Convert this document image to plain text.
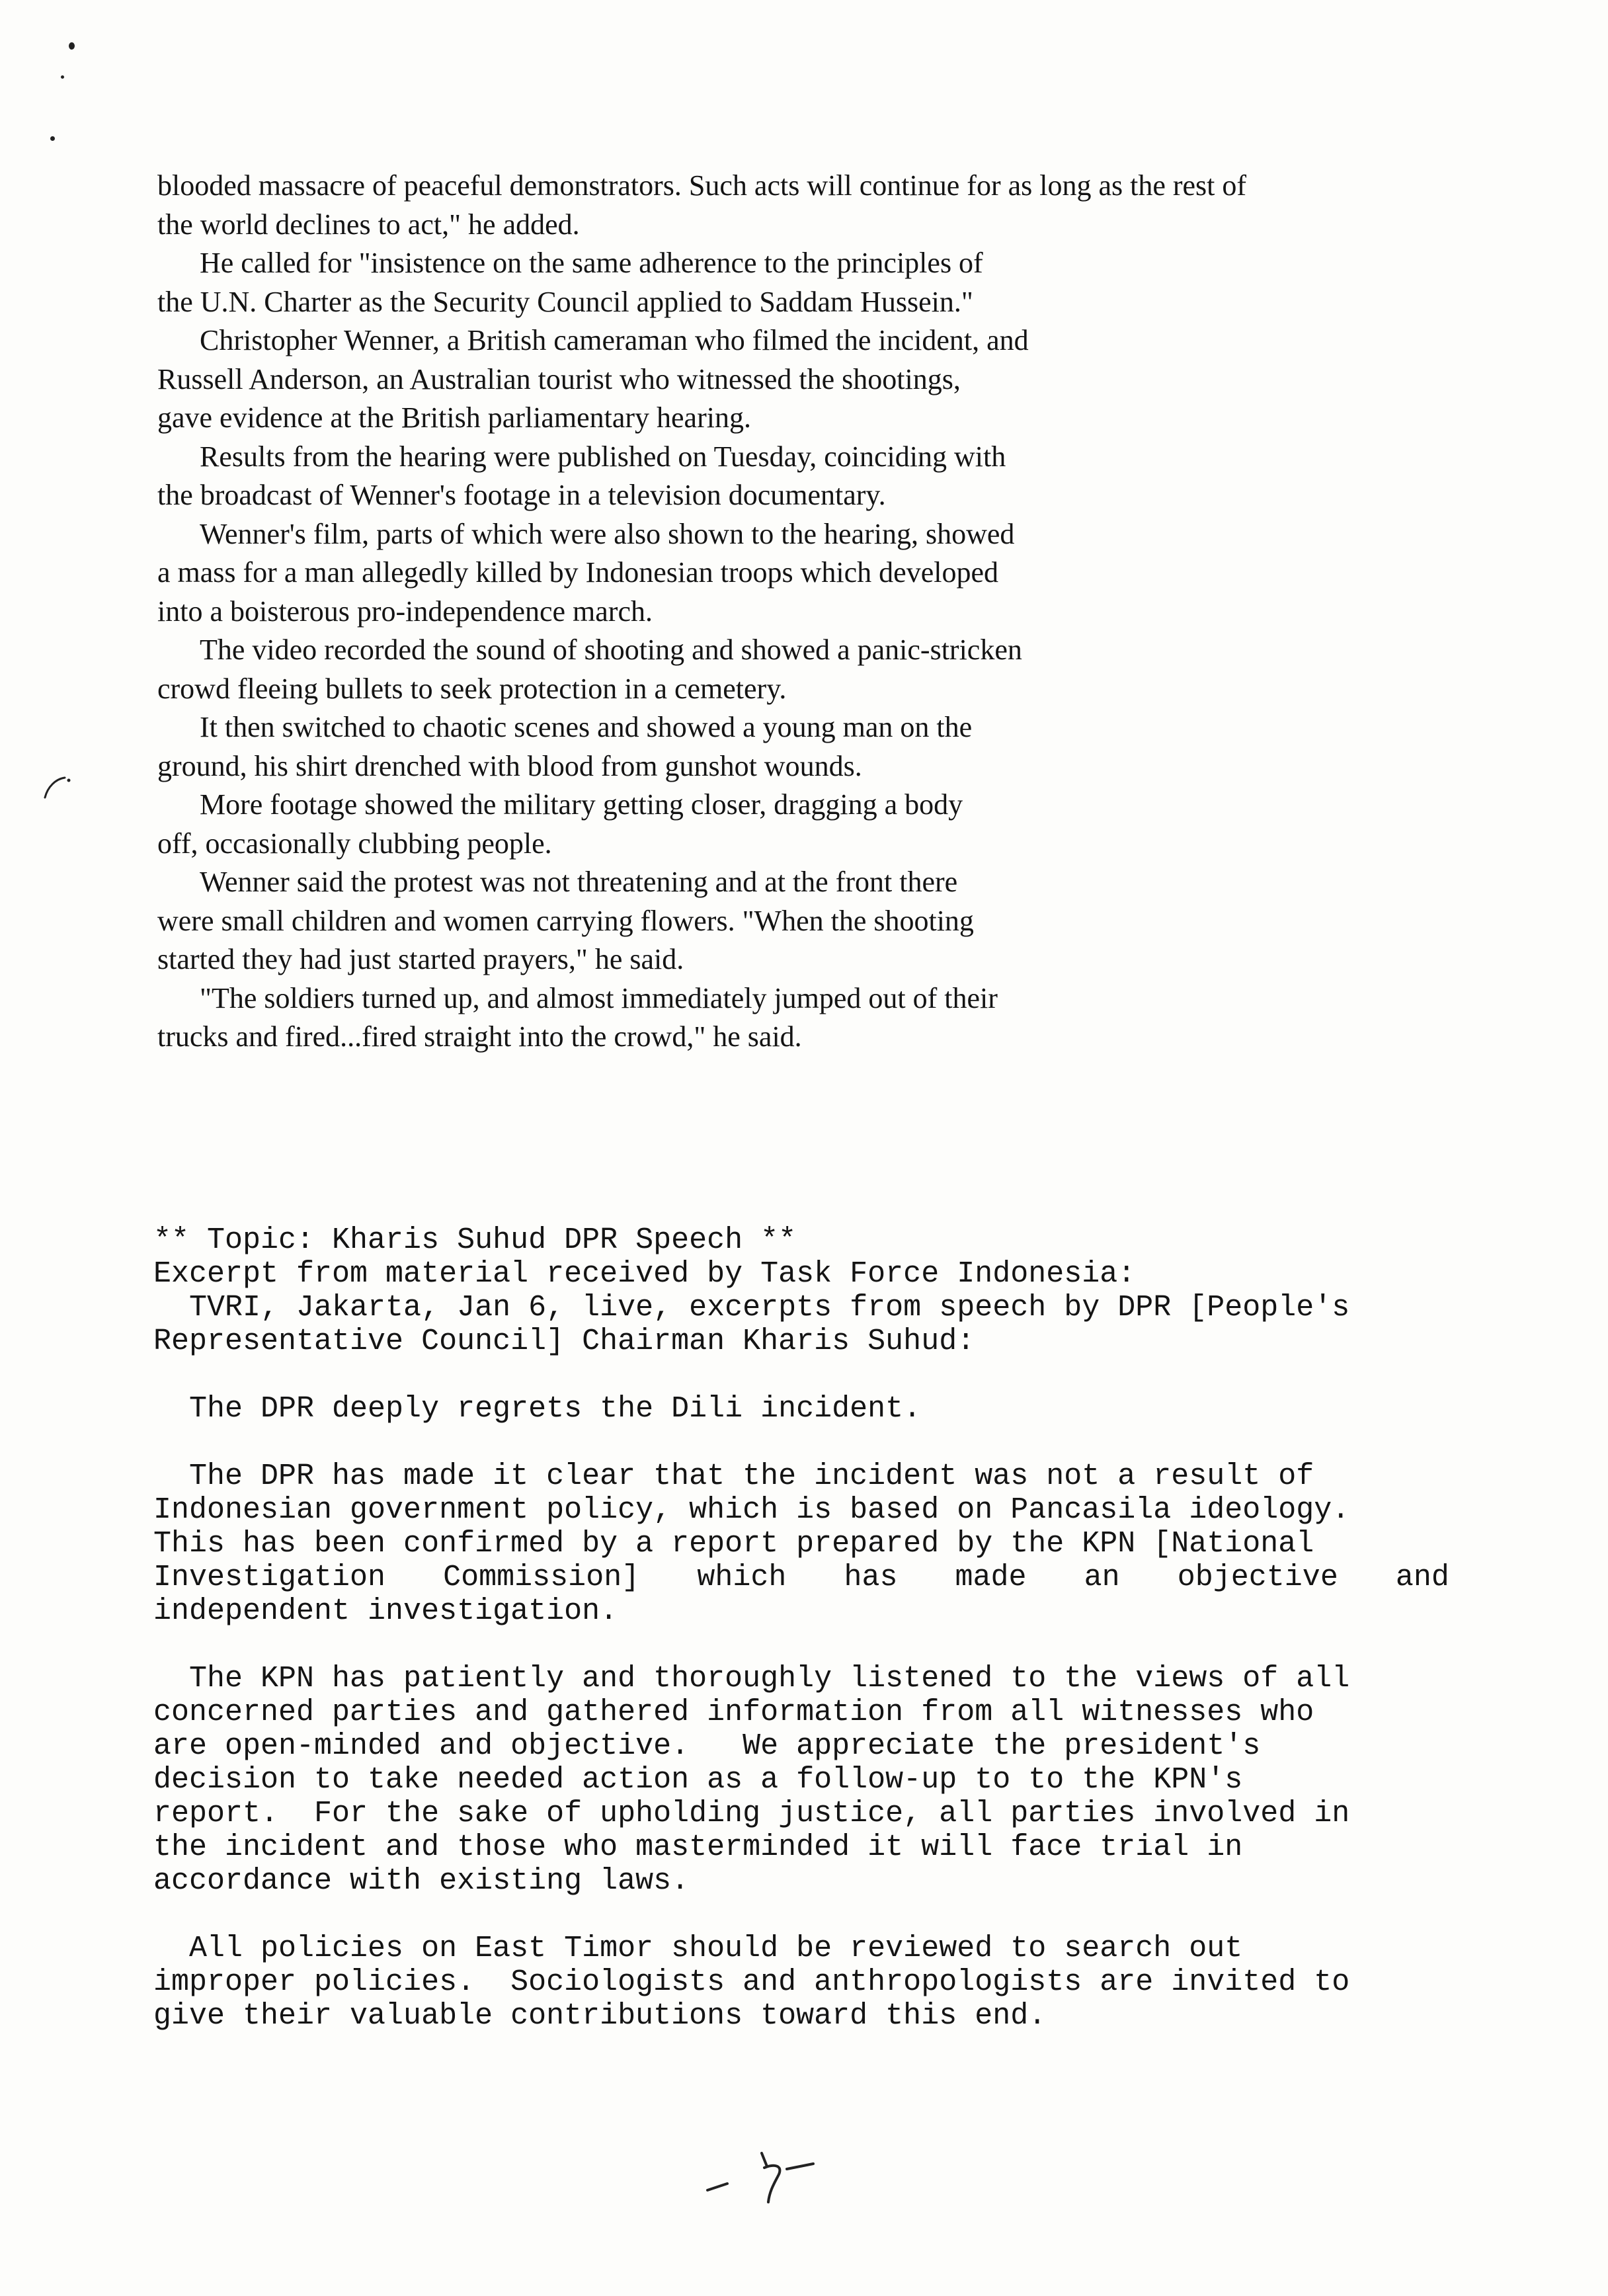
blooded massacre of peaceful demonstrators. Such acts will continue for as long as the rest of
the world declines to act," he added.
He called for "insistence on the same adherence to the principles of
the U.N. Charter as the Security Council applied to Saddam Hussein."
Christopher Wenner, a British cameraman who filmed the incident, and
Russell Anderson, an Australian tourist who witnessed the shootings,
gave evidence at the British parliamentary hearing.
Results from the hearing were published on Tuesday, coinciding with
the broadcast of Wenner's footage in a television documentary.
Wenner's film, parts of which were also shown to the hearing, showed
a mass for a man allegedly killed by Indonesian troops which developed
into a boisterous pro-independence march.
The video recorded the sound of shooting and showed a panic-stricken
crowd fleeing bullets to seek protection in a cemetery.
It then switched to chaotic scenes and showed a young man on the
ground, his shirt drenched with blood from gunshot wounds.
More footage showed the military getting closer, dragging a body
off, occasionally clubbing people.
Wenner said the protest was not threatening and at the front there
were small children and women carrying flowers. "When the shooting
started they had just started prayers," he said.
"The soldiers turned up, and almost immediately jumped out of their
trucks and fired...fired straight into the crowd," he said.
** Topic: Kharis Suhud DPR Speech **
Excerpt from material received by Task Force Indonesia:
TVRI, Jakarta, Jan 6, live, excerpts from speech by DPR [People's
Representative Council] Chairman Kharis Suhud:
The DPR deeply regrets the Dili incident.
The DPR has made it clear that the incident was not a result of
Indonesian government policy, which is based on Pancasila ideology.
This has been confirmed by a report prepared by the KPN [National
Investigation Commission] which has made an objective and
independent investigation.
The KPN has patiently and thoroughly listened to the views of all
concerned parties and gathered information from all witnesses who
are open-minded and objective.   We appreciate the president's
decision to take needed action as a follow-up to to the KPN's
report.  For the sake of upholding justice, all parties involved in
the incident and those who masterminded it will face trial in
accordance with existing laws.
All policies on East Timor should be reviewed to search out
improper policies.  Sociologists and anthropologists are invited to
give their valuable contributions toward this end.
